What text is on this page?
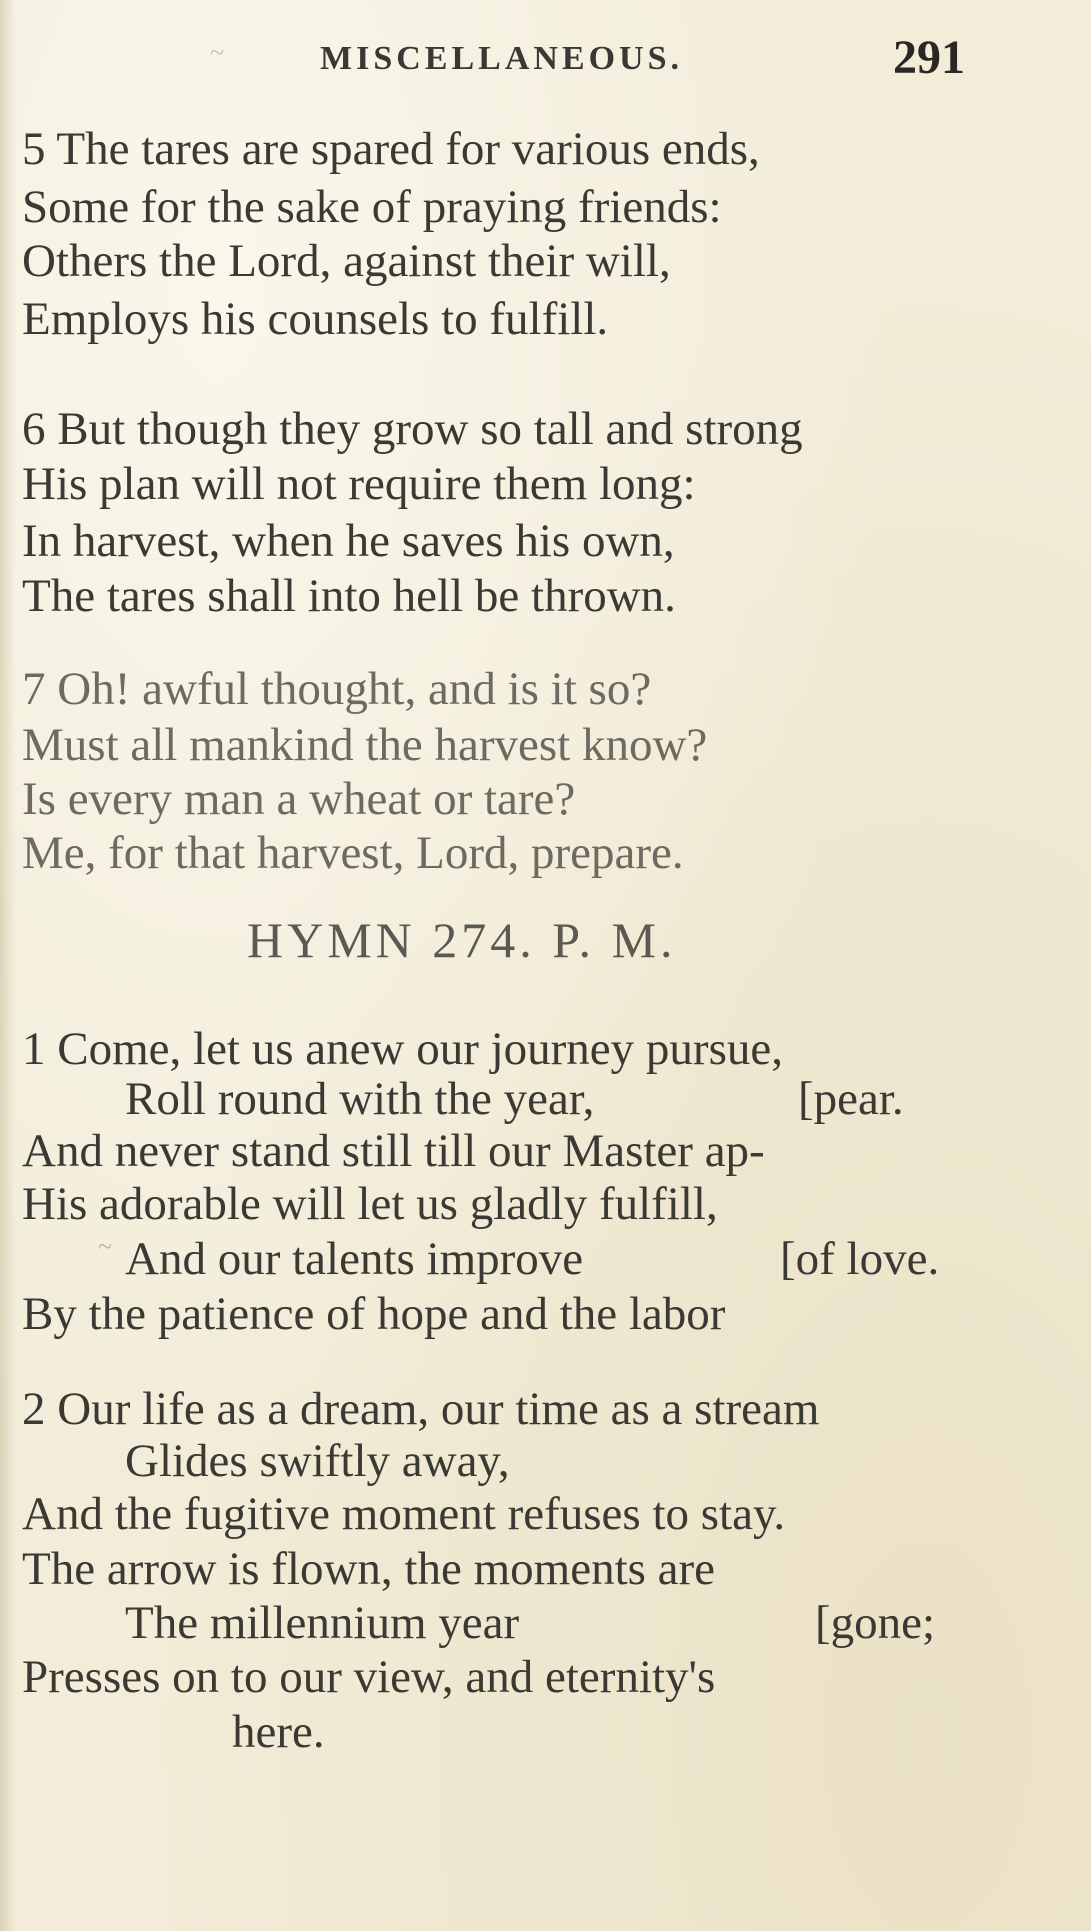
~	MISCELLANEOUS.	291
5 The tares are spared for various ends,
Some for the sake of praying friends:
Others the Lord, against their will,
Employs his counsels to fulfill.
6 But though they grow so tall and strong
His plan will not require them long:
In harvest, when he saves his own,
The tares shall into hell be thrown.
7 Oh! awful thought, and is it so?
Must all mankind the harvest know?
Is every man a wheat or tare?
Me, for that harvest, Lord, prepare.
HYMN 274. P. M.
1 Come, let us anew our journey pursue,
Roll round with the year,	[pear.
And never stand still till our Master ap-
His adorable will let us gladly fulfill,
~ And our talents improve	[of love.
By the patience of hope and the labor
2 Our life as a dream, our time as a stream
Glides swiftly away,
And the fugitive moment refuses to stay.
The arrow is flown, the moments are
The millennium year	[gone;
Presses on to our view, and eternity's
here.
